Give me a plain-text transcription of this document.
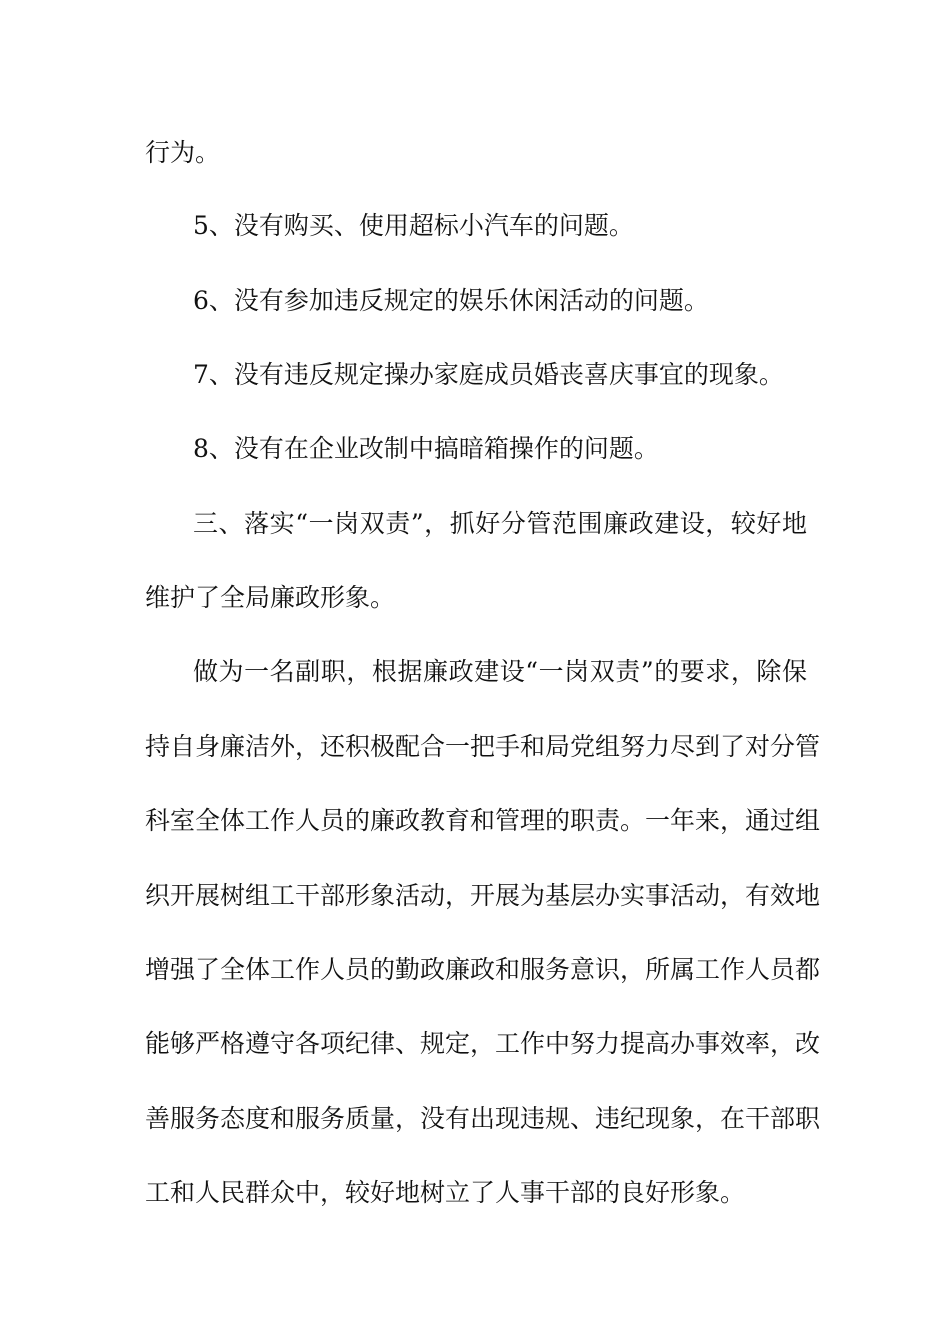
行为。
5、没有购买、使用超标小汽车的问题。
6、没有参加违反规定的娱乐休闲活动的问题。
7、没有违反规定操办家庭成员婚丧喜庆事宜的现象。
8、没有在企业改制中搞暗箱操作的问题。
三、落实“一岗双责”，抓好分管范围廉政建设，较好地
维护了全局廉政形象。
做为一名副职，根据廉政建设“一岗双责”的要求，除保
持自身廉洁外，还积极配合一把手和局党组努力尽到了对分管
科室全体工作人员的廉政教育和管理的职责。一年来，通过组
织开展树组工干部形象活动，开展为基层办实事活动，有效地
增强了全体工作人员的勤政廉政和服务意识，所属工作人员都
能够严格遵守各项纪律、规定，工作中努力提高办事效率，改
善服务态度和服务质量，没有出现违规、违纪现象，在干部职
工和人民群众中，较好地树立了人事干部的良好形象。
